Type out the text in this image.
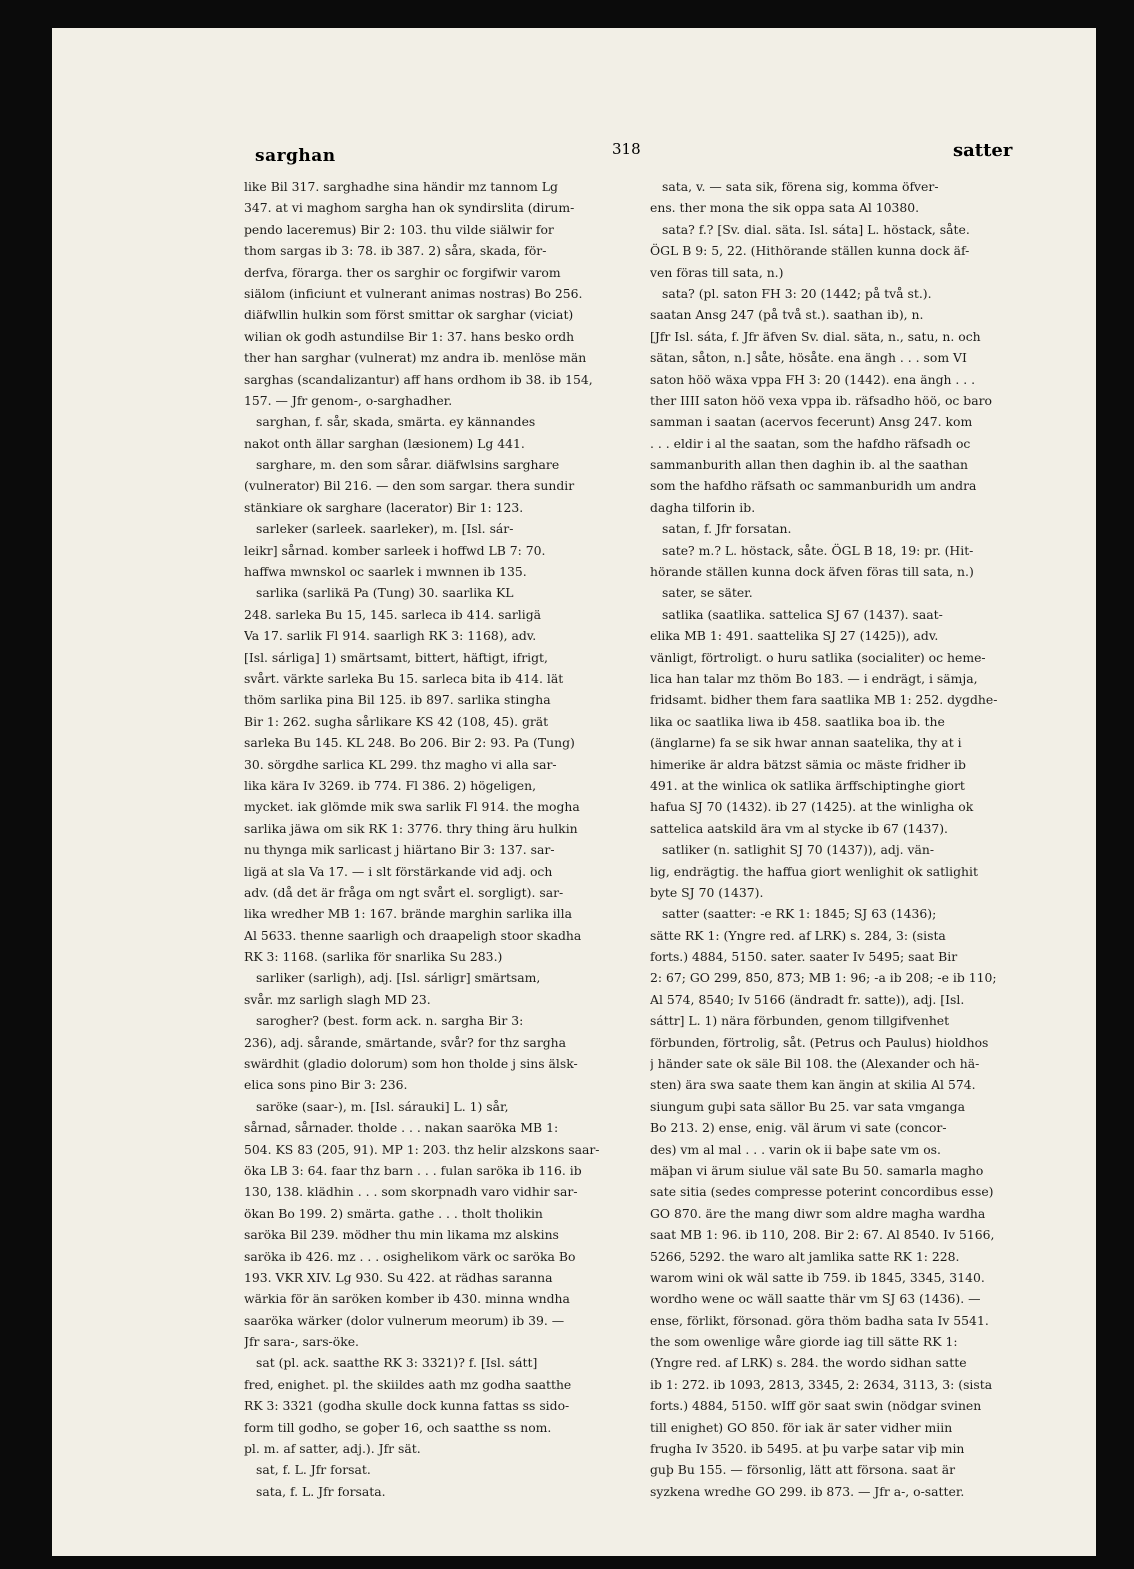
sarghan	318	satter
like Bil 317. sarghadhe sina händir mz tannom Lg
347. at vi maghom sargha han ok syndirslita (dirum-
pendo laceremus) Bir 2: 103. thu vilde siälwir for
thom sargas ib 3: 78. ib 387. 2) såra, skada, för-
derfva, förarga. ther os sarghir oc forgifwir varom
siälom (inficiunt et vulnerant animas nostras) Bo 256.
diäfwllin hulkin som först smittar ok sarghar (viciat)
wilian ok godh astundilse Bir 1: 37. hans besko ordh
ther han sarghar (vulnerat) mz andra ib. menlöse män
sarghas (scandalizantur) aff hans ordhom ib 38. ib 154,
157. — Jfr genom-, o-sarghadher.
sarghan, f. sår, skada, smärta. ey kännandes
nakot onth ällar sarghan (læsionem) Lg 441.
sarghare, m. den som sårar. diäfwlsins sarghare
(vulnerator) Bil 216. — den som sargar. thera sundir
stänkiare ok sarghare (lacerator) Bir 1: 123.
sarleker (sarleek. saarleker), m. [Isl. sár-
leikr] sårnad. komber sarleek i hoffwd LB 7: 70.
haffwa mwnskol oc saarlek i mwnnen ib 135.
sarlika (sarlikä Pa (Tung) 30. saarlika KL
248. sarleka Bu 15, 145. sarleca ib 414. sarligä
Va 17. sarlik Fl 914. saarligh RK 3: 1168), adv.
[Isl. sárliga] 1) smärtsamt, bittert, häftigt, ifrigt,
svårt. värkte sarleka Bu 15. sarleca bita ib 414. lät
thöm sarlika pina Bil 125. ib 897. sarlika stingha
Bir 1: 262. sugha sårlikare KS 42 (108, 45). grät
sarleka Bu 145. KL 248. Bo 206. Bir 2: 93. Pa (Tung)
30. sörgdhe sarlica KL 299. thz magho vi alla sar-
lika kära Iv 3269. ib 774. Fl 386. 2) högeligen,
mycket. iak glömde mik swa sarlik Fl 914. the mogha
sarlika jäwa om sik RK 1: 3776. thry thing äru hulkin
nu thynga mik sarlicast j hiärtano Bir 3: 137. sar-
ligä at sla Va 17. — i slt förstärkande vid adj. och
adv. (då det är fråga om ngt svårt el. sorgligt). sar-
lika wredher MB 1: 167. brände marghin sarlika illa
Al 5633. thenne saarligh och draapeligh stoor skadha
RK 3: 1168. (sarlika för snarlika Su 283.)
sarliker (sarligh), adj. [Isl. sárligr] smärtsam,
svår. mz sarligh slagh MD 23.
sarogher? (best. form ack. n. sargha Bir 3:
236), adj. sårande, smärtande, svår? for thz sargha
swärdhit (gladio dolorum) som hon tholde j sins älsk-
elica sons pino Bir 3: 236.
saröke (saar-), m. [Isl. sárauki] L. 1) sår,
sårnad, sårnader. tholde . . . nakan saaröka MB 1:
504. KS 83 (205, 91). MP 1: 203. thz helir alzskons saar-
öka LB 3: 64. faar thz barn . . . fulan saröka ib 116. ib
130, 138. klädhin . . . som skorpnadh varo vidhir sar-
ökan Bo 199. 2) smärta. gathe . . . tholt tholikin
saröka Bil 239. mödher thu min likama mz alskins
saröka ib 426. mz . . . osighelikom värk oc saröka Bo
193. VKR XIV. Lg 930. Su 422. at rädhas saranna
wärkia för än saröken komber ib 430. minna wndha
saaröka wärker (dolor vulnerum meorum) ib 39. —
Jfr sara-, sars-öke.
sat (pl. ack. saatthe RK 3: 3321)? f. [Isl. sátt]
fred, enighet. pl. the skiildes aath mz godha saatthe
RK 3: 3321 (godha skulle dock kunna fattas ss sido-
form till godho, se goþer 16, och saatthe ss nom.
pl. m. af satter, adj.). Jfr sät.
sat, f. L. Jfr forsat.
sata, f. L. Jfr forsata.
sata, v. — sata sik, förena sig, komma öfver-
ens. ther mona the sik oppa sata Al 10380.
sata? f.? [Sv. dial. säta. Isl. sáta] L. höstack, såte.
ÖGL B 9: 5, 22. (Hithörande ställen kunna dock äf-
ven föras till sata, n.)
sata? (pl. saton FH 3: 20 (1442; på två st.).
saatan Ansg 247 (på två st.). saathan ib), n.
[Jfr Isl. sáta, f. Jfr äfven Sv. dial. säta, n., satu, n. och
sätan, såton, n.] såte, hösåte. ena ängh . . . som VI
saton höö wäxa vppa FH 3: 20 (1442). ena ängh . . .
ther IIII saton höö vexa vppa ib. räfsadho höö, oc baro
samman i saatan (acervos fecerunt) Ansg 247. kom
. . . eldir i al the saatan, som the hafdho räfsadh oc
sammanburith allan then daghin ib. al the saathan
som the hafdho räfsath oc sammanburidh um andra
dagha tilforin ib.
satan, f. Jfr forsatan.
sate? m.? L. höstack, såte. ÖGL B 18, 19: pr. (Hit-
hörande ställen kunna dock äfven föras till sata, n.)
sater, se säter.
satlika (saatlika. sattelica SJ 67 (1437). saat-
elika MB 1: 491. saattelika SJ 27 (1425)), adv.
vänligt, förtroligt. o huru satlika (socialiter) oc heme-
lica han talar mz thöm Bo 183. — i endrägt, i sämja,
fridsamt. bidher them fara saatlika MB 1: 252. dygdhe-
lika oc saatlika liwa ib 458. saatlika boa ib. the
(änglarne) fa se sik hwar annan saatelika, thy at i
himerike är aldra bätzst sämia oc mäste fridher ib
491. at the winlica ok satlika ärffschiptinghe giort
hafua SJ 70 (1432). ib 27 (1425). at the winligha ok
sattelica aatskild ära vm al stycke ib 67 (1437).
satliker (n. satlighit SJ 70 (1437)), adj. vän-
lig, endrägtig. the haffua giort wenlighit ok satlighit
byte SJ 70 (1437).
satter (saatter: -e RK 1: 1845; SJ 63 (1436);
sätte RK 1: (Yngre red. af LRK) s. 284, 3: (sista
forts.) 4884, 5150. sater. saater Iv 5495; saat Bir
2: 67; GO 299, 850, 873; MB 1: 96; -a ib 208; -e ib 110;
Al 574, 8540; Iv 5166 (ändradt fr. satte)), adj. [Isl.
sáttr] L. 1) nära förbunden, genom tillgifvenhet
förbunden, förtrolig, såt. (Petrus och Paulus) hioldhos
j händer sate ok säle Bil 108. the (Alexander och hä-
sten) ära swa saate them kan ängin at skilia Al 574.
siungum guþi sata sällor Bu 25. var sata vmganga
Bo 213. 2) ense, enig. väl ärum vi sate (concor-
des) vm al mal . . . varin ok ii baþe sate vm os.
mäþan vi ärum siulue väl sate Bu 50. samarla magho
sate sitia (sedes compresse poterint concordibus esse)
GO 870. äre the mang diwr som aldre magha wardha
saat MB 1: 96. ib 110, 208. Bir 2: 67. Al 8540. Iv 5166,
5266, 5292. the waro alt jamlika satte RK 1: 228.
warom wini ok wäl satte ib 759. ib 1845, 3345, 3140.
wordho wene oc wäll saatte thär vm SJ 63 (1436). —
ense, förlikt, försonad. göra thöm badha sata Iv 5541.
the som owenlige wåre giorde iag till sätte RK 1:
(Yngre red. af LRK) s. 284. the wordo sidhan satte
ib 1: 272. ib 1093, 2813, 3345, 2: 2634, 3113, 3: (sista
forts.) 4884, 5150. wIff gör saat swin (nödgar svinen
till enighet) GO 850. för iak är sater vidher miin
frugha Iv 3520. ib 5495. at þu varþe satar viþ min
guþ Bu 155. — försonlig, lätt att försona. saat är
syzkena wredhe GO 299. ib 873. — Jfr a-, o-satter.
